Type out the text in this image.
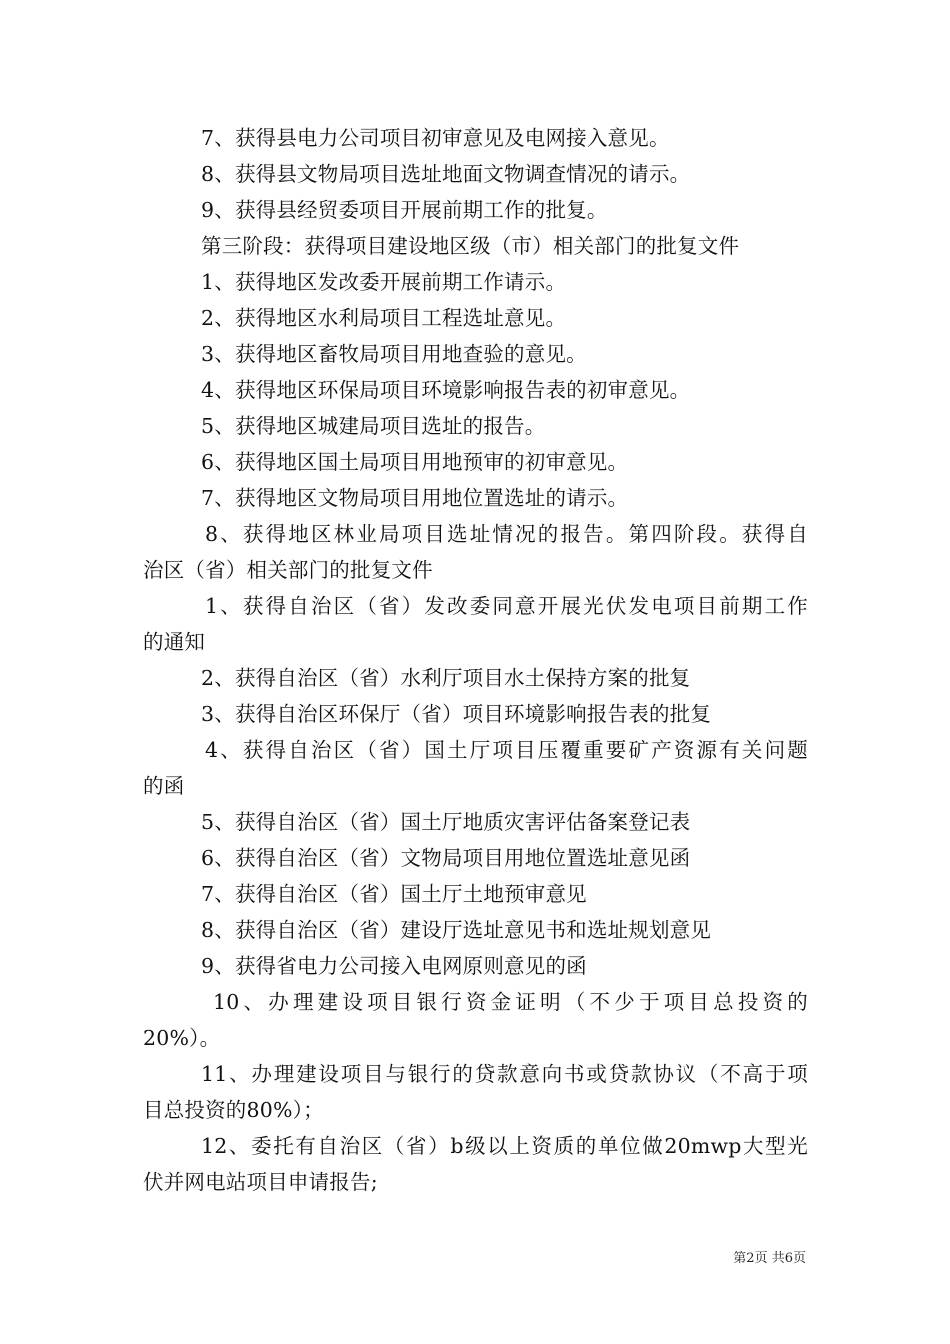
7、获得县电力公司项目初审意见及电网接入意见。
8、获得县文物局项目选址地面文物调查情况的请示。
9、获得县经贸委项目开展前期工作的批复。
第三阶段：获得项目建设地区级（市）相关部门的批复文件
1、获得地区发改委开展前期工作请示。
2、获得地区水利局项目工程选址意见。
3、获得地区畜牧局项目用地查验的意见。
4、获得地区环保局项目环境影响报告表的初审意见。
5、获得地区城建局项目选址的报告。
6、获得地区国土局项目用地预审的初审意见。
7、获得地区文物局项目用地位置选址的请示。
8、获得地区林业局项目选址情况的报告。第四阶段。获得自
治区（省）相关部门的批复文件
1、获得自治区（省）发改委同意开展光伏发电项目前期工作
的通知
2、获得自治区（省）水利厅项目水土保持方案的批复
3、获得自治区环保厅（省）项目环境影响报告表的批复
4、获得自治区（省）国土厅项目压覆重要矿产资源有关问题
的函
5、获得自治区（省）国土厅地质灾害评估备案登记表
6、获得自治区（省）文物局项目用地位置选址意见函
7、获得自治区（省）国土厅土地预审意见
8、获得自治区（省）建设厅选址意见书和选址规划意见
9、获得省电力公司接入电网原则意见的函
10、办理建设项目银行资金证明（不少于项目总投资的
20%）。
11、办理建设项目与银行的贷款意向书或贷款协议（不高于项
目总投资的80%）；
12、委托有自治区（省）b级以上资质的单位做20mwp大型光
伏并网电站项目申请报告;
第2页 共6页
